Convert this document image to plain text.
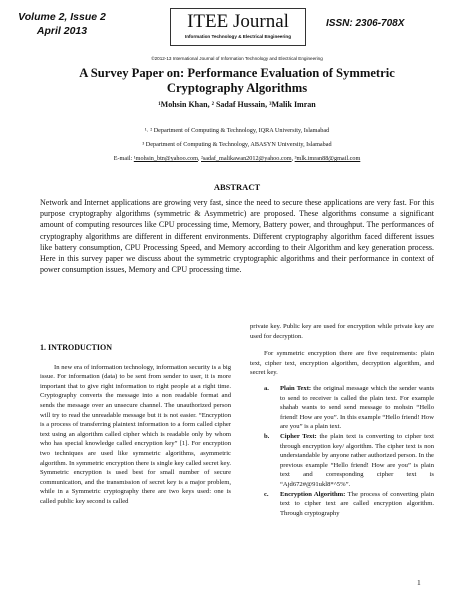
Volume 2, Issue 2
April 2013	ITEE Journal
Information Technology & Electrical Engineering
ISSN: 2306-708X
©2012-13 International Journal of Information Technology and Electrical Engineering
A Survey Paper on: Performance Evaluation of Symmetric
Cryptography Algorithms
¹Mohsin Khan, ² Sadaf Hussain, ³Malik Imran
¹˒ ² Department of Computing & Technology, IQRA University, Islamabad
³ Department of Computing & Technology, ABASYN University, Islamabad
E-mail: ¹mohsin_btn@yahoo.com, ²sadaf_malikawan2012@yahoo.com, ³mlk.imran88@gmail.com
ABSTRACT
Network and Internet applications are growing very fast, since the need to secure these applications are very fast. For this purpose cryptography algorithms (symmetric & Asymmetric) are proposed. These algorithms consume a significant amount of computing resources like CPU processing time, Memory, Battery power, and throughput. The performances of cryptography algorithms are different in different environments. Different cryptography algorithm faced different issues like battery consumption, CPU Processing Speed, and Memory according to their Algorithm and key generation process. Here in this survey paper we discuss about the symmetric cryptographic algorithms and their performance in context of power consumption issues, Memory and CPU processing time.
1. INTRODUCTION
In new era of information technology, information security is a big issue. For information (data) to be sent from sender to user, it is more important that to give right information to right people at a right time. Cryptography converts the message into a non readable format and sends the message over an unsecure channel. The unauthorized person will try to read the unreadable message but it is not easier. “Encryption is a process of transferring plaintext information to a form called cipher text using an algorithm called cipher which is readable only by whom who has special knowledge called encryption key” [1]. For encryption two techniques are used like symmetric algorithms, asymmetric algorithm. In symmetric encryption there is single key called secret key. Symmetric encryption is used best for small number of secure communication, and the transmission of secret key is a major problem, while in a Symmetric cryptography there are two keys used: one is called public key second is called
private key. Public key are used for encryption while private key are used for decryption.
For symmetric encryption there are five requirements: plain text, cipher text, encryption algorithm, decryption algorithm, and secret key.
a. Plain Text: the original message which the sender wants to send to receiver is called the plain text. For example shahab wants to send send message to mohsin “Hello friend! How are you”. In this example “Hello friend! How are you” is a plain text.
b. Cipher Text: the plain text is converting to cipher text through encryption key/ algorithm. The cipher text is non understandable by anyone rather authorized person. In the previous example “Hello friend! How are you” is plain text and corresponding cipher text is “Ajd672#@91ukl8*^5%”.
c. Encryption Algorithm: The process of converting plain text to cipher text are called encryption algorithm. Through cryptography
1
